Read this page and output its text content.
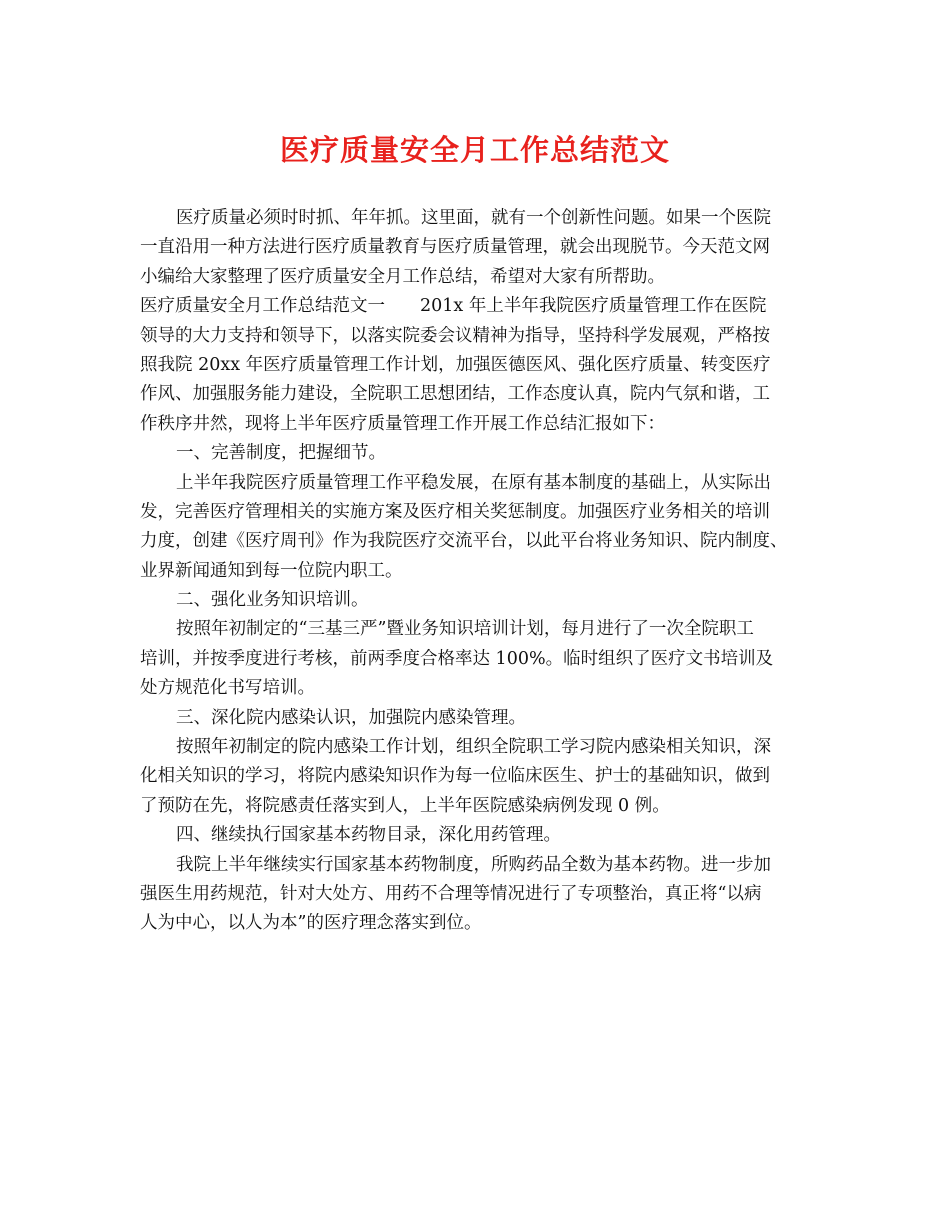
医疗质量安全月工作总结范文
医疗质量必须时时抓、年年抓。这里面，就有一个创新性问题。如果一个医院
一直沿用一种方法进行医疗质量教育与医疗质量管理，就会出现脱节。今天范文网
小编给大家整理了医疗质量安全月工作总结，希望对大家有所帮助。
医疗质量安全月工作总结范文一　　201x 年上半年我院医疗质量管理工作在医院
领导的大力支持和领导下，以落实院委会议精神为指导，坚持科学发展观，严格按
照我院 20xx 年医疗质量管理工作计划，加强医德医风、强化医疗质量、转变医疗
作风、加强服务能力建设，全院职工思想团结，工作态度认真，院内气氛和谐，工
作秩序井然，现将上半年医疗质量管理工作开展工作总结汇报如下：
一、完善制度，把握细节。
上半年我院医疗质量管理工作平稳发展，在原有基本制度的基础上，从实际出
发，完善医疗管理相关的实施方案及医疗相关奖惩制度。加强医疗业务相关的培训
力度，创建《医疗周刊》作为我院医疗交流平台，以此平台将业务知识、院内制度、
业界新闻通知到每一位院内职工。
二、强化业务知识培训。
按照年初制定的“三基三严”暨业务知识培训计划，每月进行了一次全院职工
培训，并按季度进行考核，前两季度合格率达 100%。临时组织了医疗文书培训及
处方规范化书写培训。
三、深化院内感染认识，加强院内感染管理。
按照年初制定的院内感染工作计划，组织全院职工学习院内感染相关知识，深
化相关知识的学习，将院内感染知识作为每一位临床医生、护士的基础知识，做到
了预防在先，将院感责任落实到人，上半年医院感染病例发现 0 例。
四、继续执行国家基本药物目录，深化用药管理。
我院上半年继续实行国家基本药物制度，所购药品全数为基本药物。进一步加
强医生用药规范，针对大处方、用药不合理等情况进行了专项整治，真正将“以病
人为中心，以人为本”的医疗理念落实到位。
